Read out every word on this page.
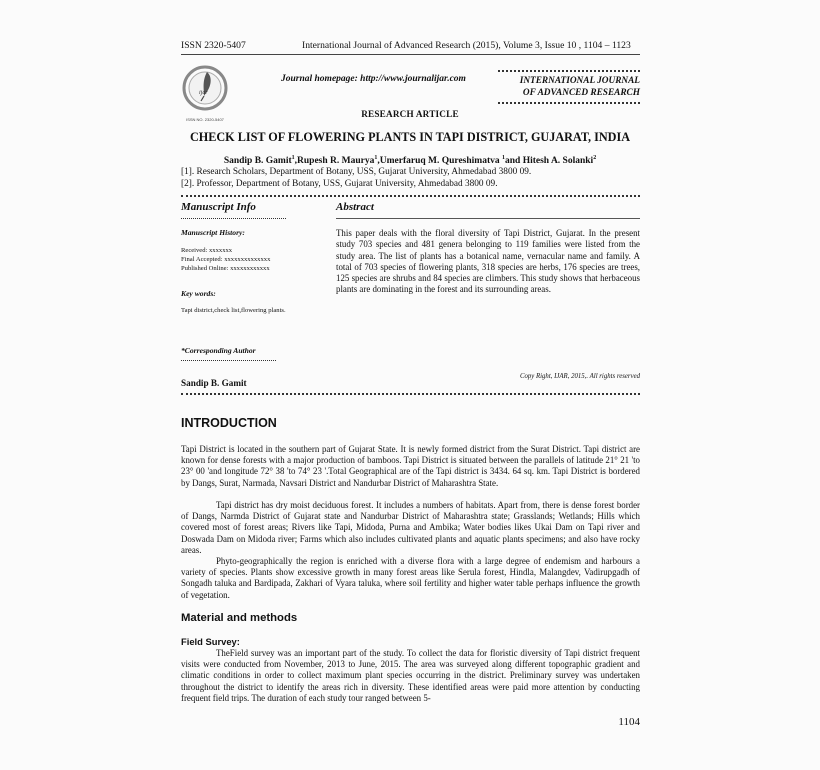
ISSN 2320-5407	International Journal of Advanced Research (2015), Volume 3, Issue 10 , 1104 – 1123
ijar
ISSN NO. 2320-5407
Journal homepage: http://www.journalijar.com	INTERNATIONAL JOURNAL
OF ADVANCED RESEARCH
RESEARCH ARTICLE
CHECK LIST OF FLOWERING PLANTS IN TAPI DISTRICT, GUJARAT, INDIA
Sandip B. Gamit$^1$,Rupesh R. Maurya$^1$,Umerfaruq M. Qureshimatva $^1$and Hitesh A. Solanki$^2$
[1]. Research Scholars, Department of Botany, USS, Gujarat University, Ahmedabad 3800 09.
[2]. Professor, Department of Botany, USS, Gujarat University, Ahmedabad 3800 09.
Manuscript Info
Manuscript History:
Received: xxxxxxx
Final Accepted: xxxxxxxxxxxxxx
Published Online: xxxxxxxxxxxx
Key words:
Tapi district,check list,flowering plants.
*Corresponding Author
Sandip B. Gamit
Abstract
This paper deals with the floral diversity of Tapi District, Gujarat. In the present study 703 species and 481 genera belonging to 119 families were listed from the study area. The list of plants has a botanical name, vernacular name and family. A total of 703 species of flowering plants, 318 species are herbs, 176 species are trees, 125 species are shrubs and 84 species are climbers. This study shows that herbaceous plants are dominating in the forest and its surrounding areas.
Copy Right, IJAR, 2015,. All rights reserved
INTRODUCTION
Tapi District is located in the southern part of Gujarat State. It is newly formed district from the Surat District. Tapi district are known for dense forests with a major production of bamboos. Tapi District is situated between the parallels of latitude 21° 21 'to 23° 00 'and longitude 72° 38 'to 74° 23 '.Total Geographical are of the Tapi district is 3434. 64 sq. km. Tapi District is bordered by Dangs, Surat, Narmada, Navsari District and Nandurbar District of Maharashtra State.
Tapi district has dry moist deciduous forest. It includes a numbers of habitats. Apart from, there is dense forest border of Dangs, Narmda District of Gujarat state and Nandurbar District of Maharashtra state; Grasslands; Wetlands; Hills which covered most of forest areas; Rivers like Tapi, Midoda, Purna and Ambika; Water bodies likes Ukai Dam on Tapi river and Doswada Dam on Midoda river; Farms which also includes cultivated plants and aquatic plants specimens; and also have rocky areas.
Phyto-geographically the region is enriched with a diverse flora with a large degree of endemism and harbours a variety of species. Plants show excessive growth in many forest areas like Serula forest, Hindla, Malangdev, Vadirupgadh of Songadh taluka and Bardipada, Zakhari of Vyara taluka, where soil fertility and higher water table perhaps influence the growth of vegetation.
Material and methods
Field Survey:
TheField survey was an important part of the study. To collect the data for floristic diversity of Tapi district frequent visits were conducted from November, 2013 to June, 2015. The area was surveyed along different topographic gradient and climatic conditions in order to collect maximum plant species occurring in the district. Preliminary survey was undertaken throughout the district to identify the areas rich in diversity. These identified areas were paid more attention by conducting frequent field trips. The duration of each study tour ranged between 5-
1104
